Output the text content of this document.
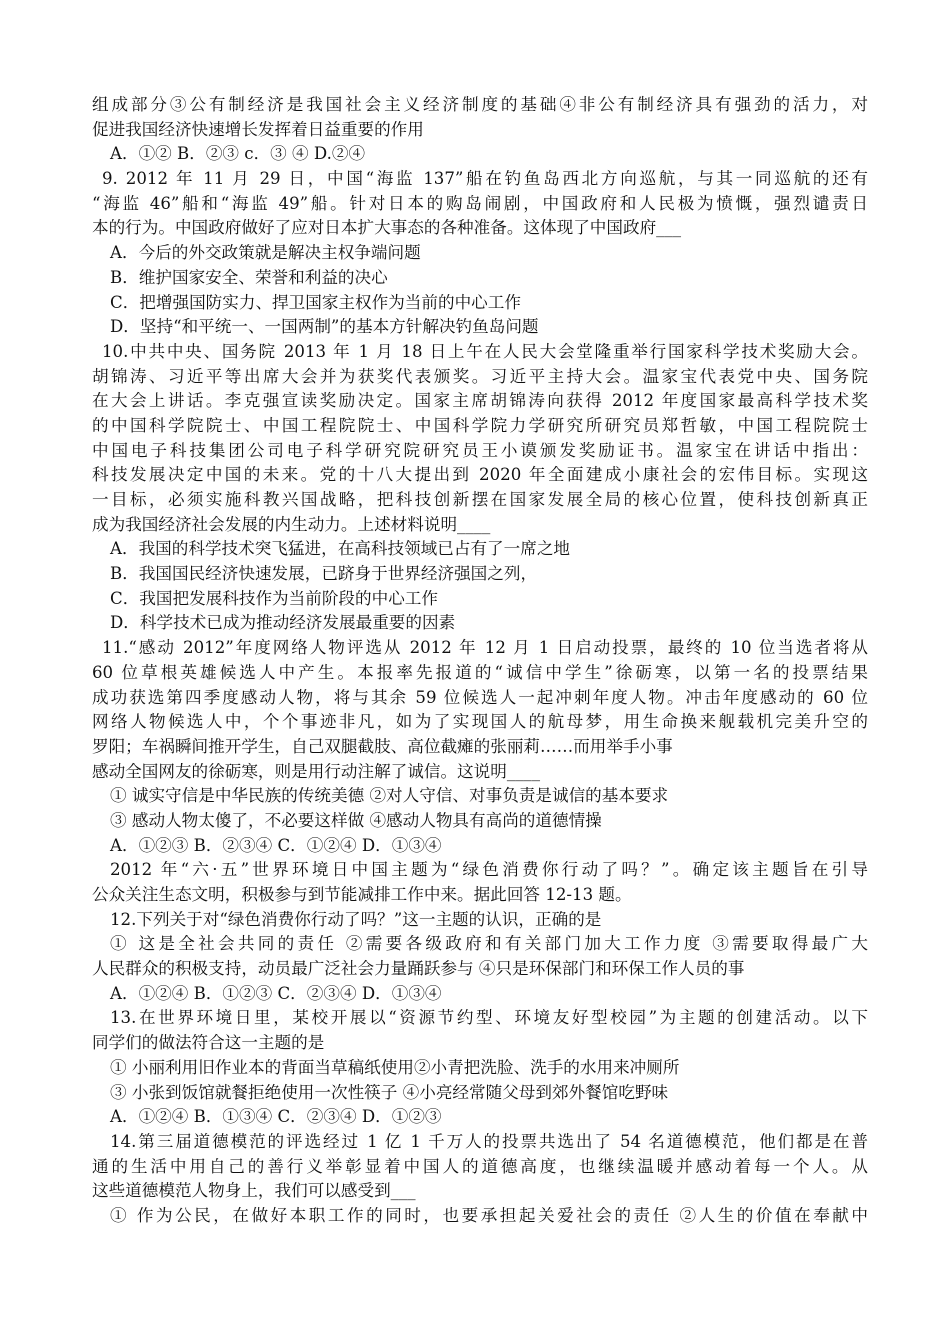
组成部分③公有制经济是我国社会主义经济制度的基础④非公有制经济具有强劲的活力，对
促进我国经济快速增长发挥着日益重要的作用
A．①② B．②③ c．③ ④ D.②④
9. 2012 年 11 月 29 日，中国“海监 137”船在钓鱼岛西北方向巡航，与其一同巡航的还有
“海监 46”船和“海监 49”船。针对日本的购岛闹剧，中国政府和人民极为愤慨，强烈谴责日
本的行为。中国政府做好了应对日本扩大事态的各种准备。这体现了中国政府___
A．今后的外交政策就是解决主权争端问题
B．维护国家安全、荣誉和利益的决心
C．把增强国防实力、捍卫国家主权作为当前的中心工作
D．坚持“和平统一、一国两制”的基本方针解决钓鱼岛问题
10.中共中央、国务院 2013 年 1 月 18 日上午在人民大会堂隆重举行国家科学技术奖励大会。
胡锦涛、习近平等出席大会并为获奖代表颁奖。习近平主持大会。温家宝代表党中央、国务院
在大会上讲话。李克强宣读奖励决定。国家主席胡锦涛向获得 2012 年度国家最高科学技术奖
的中国科学院院士、中国工程院院士、中国科学院力学研究所研究员郑哲敏，中国工程院院士
中国电子科技集团公司电子科学研究院研究员王小谟颁发奖励证书。温家宝在讲话中指出：
科技发展决定中国的未来。党的十八大提出到 2020 年全面建成小康社会的宏伟目标。实现这
一目标，必须实施科教兴国战略，把科技创新摆在国家发展全局的核心位置，使科技创新真正
成为我国经济社会发展的内生动力。上述材料说明____
A．我国的科学技术突飞猛进，在高科技领域已占有了一席之地
B．我国国民经济快速发展，已跻身于世界经济强国之列，
C．我国把发展科技作为当前阶段的中心工作
D．科学技术已成为推动经济发展最重要的因素
11.“感动 2012”年度网络人物评选从 2012 年 12 月 1 日启动投票，最终的 10 位当选者将从
60 位草根英雄候选人中产生。本报率先报道的“诚信中学生”徐砺寒，以第一名的投票结果
成功获选第四季度感动人物，将与其余 59 位候选人一起冲刺年度人物。冲击年度感动的 60 位
网络人物候选人中，个个事迹非凡，如为了实现国人的航母梦，用生命换来舰载机完美升空的
罗阳；车祸瞬间推开学生，自己双腿截肢、高位截瘫的张丽莉……而用举手小事
感动全国网友的徐砺寒，则是用行动注解了诚信。这说明____
① 诚实守信是中华民族的传统美德 ②对人守信、对事负责是诚信的基本要求
③ 感动人物太傻了，不必要这样做 ④感动人物具有高尚的道德情操
A．①②③ B．②③④ C．①②④ D．①③④
2012 年“六·五”世界环境日中国主题为“绿色消费你行动了吗？”。确定该主题旨在引导
公众关注生态文明，积极参与到节能减排工作中来。据此回答 12-13 题。
12.下列关于对“绿色消费你行动了吗？”这一主题的认识，正确的是
① 这是全社会共同的责任 ②需要各级政府和有关部门加大工作力度 ③需要取得最广大
人民群众的积极支持，动员最广泛社会力量踊跃参与 ④只是环保部门和环保工作人员的事
A．①②④ B．①②③ C．②③④ D．①③④
13.在世界环境日里，某校开展以“资源节约型、环境友好型校园”为主题的创建活动。以下
同学们的做法符合这一主题的是
① 小丽利用旧作业本的背面当草稿纸使用②小青把洗脸、洗手的水用来冲厕所
③ 小张到饭馆就餐拒绝使用一次性筷子 ④小亮经常随父母到郊外餐馆吃野味
A．①②④ B．①③④ C．②③④ D．①②③
14.第三届道德模范的评选经过 1 亿 1 千万人的投票共选出了 54 名道德模范，他们都是在普
通的生活中用自己的善行义举彰显着中国人的道德高度，也继续温暖并感动着每一个人。从
这些道德模范人物身上，我们可以感受到___
① 作为公民，在做好本职工作的同时，也要承担起关爱社会的责任 ②人生的价值在奉献中
